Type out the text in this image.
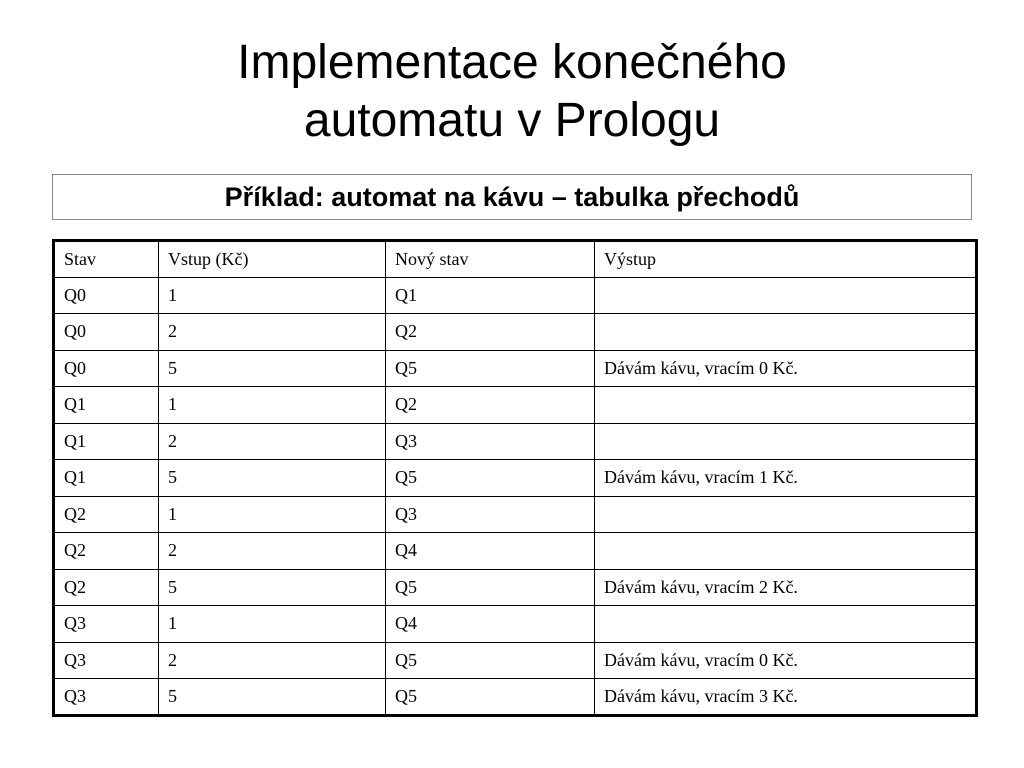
Implementace konečného
automatu v Prologu
Příklad: automat na kávu – tabulka přechodů
Stav	Vstup (Kč)	Nový stav	Výstup
Q0	1	Q1	
Q0	2	Q2	
Q0	5	Q5	Dávám kávu, vracím 0 Kč.
Q1	1	Q2	
Q1	2	Q3	
Q1	5	Q5	Dávám kávu, vracím 1 Kč.
Q2	1	Q3	
Q2	2	Q4	
Q2	5	Q5	Dávám kávu, vracím 2 Kč.
Q3	1	Q4	
Q3	2	Q5	Dávám kávu, vracím 0 Kč.
Q3	5	Q5	Dávám kávu, vracím 3 Kč.
